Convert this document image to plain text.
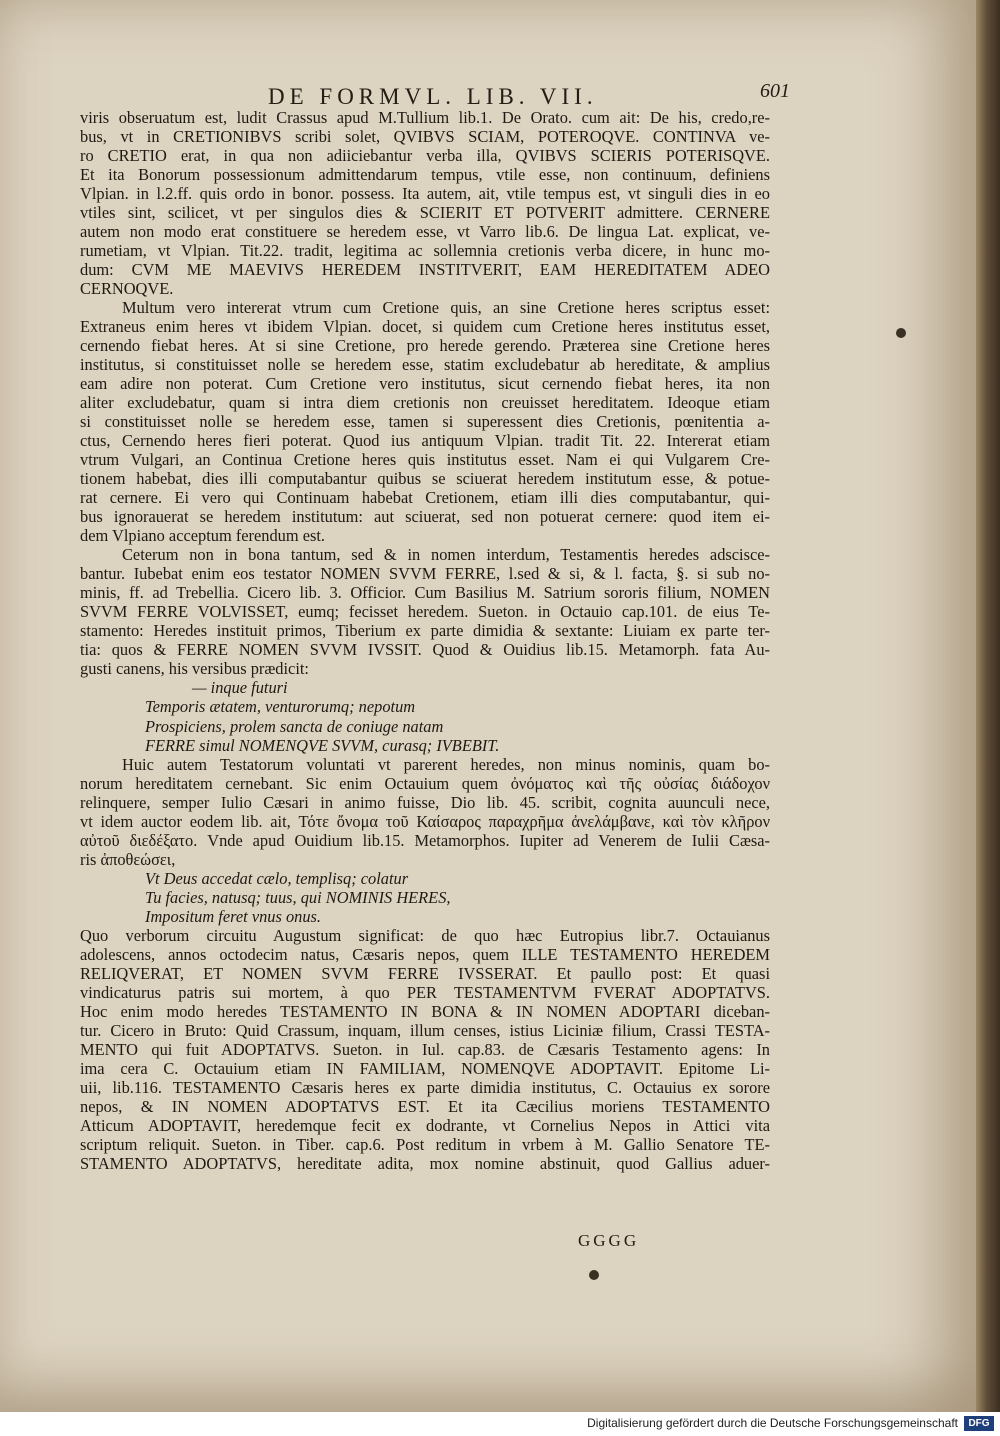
DE FORMVL. LIB. VII.	601
viris obseruatum est, ludit Crassus apud M.Tullium lib.1. De Orato. cum ait: De his, credo,re-
bus, vt in CRETIONIBVS scribi solet, QVIBVS SCIAM, POTEROQVE. CONTINVA ve-
ro CRETIO erat, in qua non adiiciebantur verba illa, QVIBVS SCIERIS POTERISQVE.
Et ita Bonorum possessionum admittendarum tempus, vtile esse, non continuum, definiens
Vlpian. in l.2.ff. quis ordo in bonor. possess. Ita autem, ait, vtile tempus est, vt singuli dies in eo
vtiles sint, scilicet, vt per singulos dies & SCIERIT ET POTVERIT admittere. CERNERE
autem non modo erat constituere se heredem esse, vt Varro lib.6. De lingua Lat. explicat, ve-
rumetiam, vt Vlpian. Tit.22. tradit, legitima ac sollemnia cretionis verba dicere, in hunc mo-
dum: CVM ME MAEVIVS HEREDEM INSTITVERIT, EAM HEREDITATEM ADEO
CERNOQVE.
Multum vero intererat vtrum cum Cretione quis, an sine Cretione heres scriptus esset:
Extraneus enim heres vt ibidem Vlpian. docet, si quidem cum Cretione heres institutus esset,
cernendo fiebat heres. At si sine Cretione, pro herede gerendo. Præterea sine Cretione heres
institutus, si constituisset nolle se heredem esse, statim excludebatur ab hereditate, & amplius
eam adire non poterat. Cum Cretione vero institutus, sicut cernendo fiebat heres, ita non
aliter excludebatur, quam si intra diem cretionis non creuisset hereditatem. Ideoque etiam
si constituisset nolle se heredem esse, tamen si superessent dies Cretionis, pœnitentia a-
ctus, Cernendo heres fieri poterat. Quod ius antiquum Vlpian. tradit Tit. 22. Intererat etiam
vtrum Vulgari, an Continua Cretione heres quis institutus esset. Nam ei qui Vulgarem Cre-
tionem habebat, dies illi computabantur quibus se sciuerat heredem institutum esse, & potue-
rat cernere. Ei vero qui Continuam habebat Cretionem, etiam illi dies computabantur, qui-
bus ignorauerat se heredem institutum: aut sciuerat, sed non potuerat cernere: quod item ei-
dem Vlpiano acceptum ferendum est.
Ceterum non in bona tantum, sed & in nomen interdum, Testamentis heredes adscisce-
bantur. Iubebat enim eos testator NOMEN SVVM FERRE, l.sed & si, & l. facta, §. si sub no-
minis, ff. ad Trebellia. Cicero lib. 3. Officior. Cum Basilius M. Satrium sororis filium, NOMEN
SVVM FERRE VOLVISSET, eumq; fecisset heredem. Sueton. in Octauio cap.101. de eius Te-
stamento: Heredes instituit primos, Tiberium ex parte dimidia & sextante: Liuiam ex parte ter-
tia: quos & FERRE NOMEN SVVM IVSSIT. Quod & Ouidius lib.15. Metamorph. fata Au-
gusti canens, his versibus prædicit:
— inque futuri
Temporis ætatem, venturorumq; nepotum
Prospiciens, prolem sancta de coniuge natam
FERRE simul NOMENQVE SVVM, curasq; IVBEBIT.
Huic autem Testatorum voluntati vt parerent heredes, non minus nominis, quam bo-
norum hereditatem cernebant. Sic enim Octauium quem ὀνόματος καὶ τῆς οὐσίας διάδοχον
relinquere, semper Iulio Cæsari in animo fuisse, Dio lib. 45. scribit, cognita auunculi nece,
vt idem auctor eodem lib. ait, Τότε ὄνομα τοῦ Καίσαρος παραχρῆμα ἀνελάμβανε, καὶ τὸν κλῆρον
αὐτοῦ διεδέξατο. Vnde apud Ouidium lib.15. Metamorphos. Iupiter ad Venerem de Iulii Cæsa-
ris ἀποθεώσει,
Vt Deus accedat cælo, templisq; colatur
Tu facies, natusq; tuus, qui NOMINIS HERES,
Impositum feret vnus onus.
Quo verborum circuitu Augustum significat: de quo hæc Eutropius libr.7. Octauianus
adolescens, annos octodecim natus, Cæsaris nepos, quem ILLE TESTAMENTO HEREDEM
RELIQVERAT, ET NOMEN SVVM FERRE IVSSERAT. Et paullo post: Et quasi
vindicaturus patris sui mortem, à quo PER TESTAMENTVM FVERAT ADOPTATVS.
Hoc enim modo heredes TESTAMENTO IN BONA & IN NOMEN ADOPTARI diceban-
tur. Cicero in Bruto: Quid Crassum, inquam, illum censes, istius Liciniæ filium, Crassi TESTA-
MENTO qui fuit ADOPTATVS. Sueton. in Iul. cap.83. de Cæsaris Testamento agens: In
ima cera C. Octauium etiam IN FAMILIAM, NOMENQVE ADOPTAVIT. Epitome Li-
uii, lib.116. TESTAMENTO Cæsaris heres ex parte dimidia institutus, C. Octauius ex sorore
nepos, & IN NOMEN ADOPTATVS EST. Et ita Cæcilius moriens TESTAMENTO
Atticum ADOPTAVIT, heredemque fecit ex dodrante, vt Cornelius Nepos in Attici vita
scriptum reliquit. Sueton. in Tiber. cap.6. Post reditum in vrbem à M. Gallio Senatore TE-
STAMENTO ADOPTATVS, hereditate adita, mox nomine abstinuit, quod Gallius aduer-
GGGG
Digitalisierung gefördert durch die Deutsche Forschungsgemeinschaft	DFG
